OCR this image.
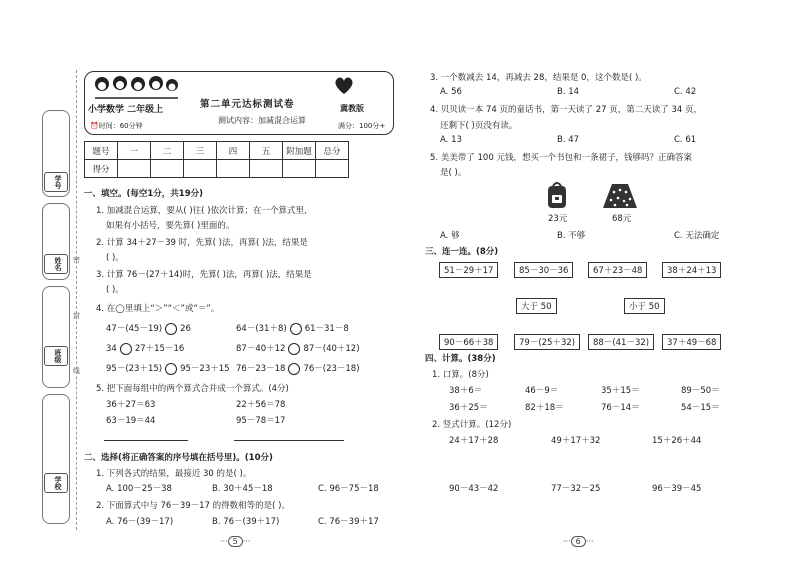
学号
姓名
班级
学校
密
封
线
小学数学 二年级上
⏰时间：60分钟
第二单元达标测试卷
测试内容：加减混合运算
冀教版
满分：100分+
题号	一	二	三	四	五	附加题	总分
得分							
一、填空。(每空1分，共19分)
1. 加减混合运算，要从( )往( )依次计算；在一个算式里，
如果有小括号，要先算( )里面的。
2. 计算 34＋27－39 时，先算( )法，再算( )法，结果是
( )。
3. 计算 76－(27＋14)时，先算( )法，再算( )法，结果是
( )。
4. 在◯里填上“＞”“＜”或“＝”。
47－(45－19) 26	64－(31＋8) 61－31－8
34 27＋15－16	87－40＋12 87－(40＋12)
95－(23＋15) 95－23＋15 76－23－18 76－(23－18)
5. 把下面每组中的两个算式合并成一个算式。(4分)
36＋27＝63	22＋56＝78
63－19＝44	95－78＝17
二、选择(将正确答案的序号填在括号里)。(10分)
1. 下列各式的结果，最接近 30 的是( )。
A. 100－25－38	B. 30＋45－18	C. 96－75－18
2. 下面算式中与 76－39－17 的得数相等的是( )。
A. 76－(39－17)	B. 76－(39＋17)	C. 76－39＋17
··· 5 ···
3. 一个数减去 14，再减去 28，结果是 0，这个数是( )。
A. 56	B. 14	C. 42
4. 贝贝读一本 74 页的童话书，第一天读了 27 页，第二天读了 34 页，
还剩下( )页没有读。
A. 13	B. 47	C. 61
5. 美美带了 100 元钱，想买一个书包和一条裙子，钱够吗？正确答案
是( )。
23元	68元
A. 够	B. 不够	C. 无法确定
三、连一连。(8分)
51－29＋17	85－30－36	67＋23－48	38＋24＋13
大于 50	小于 50
90－66＋38	79－(25＋32)	88－(41－32)	37＋49－68
四、计算。(38分)
1. 口算。(8分)
38＋6＝	46－9＝	35＋15＝	89－50＝
36＋25＝	82＋18＝	76－14＝	54－15＝
2. 竖式计算。(12分)
24＋17＋28	49＋17＋32	15＋26＋44
90－43－42	77－32－25	96－39－45
··· 6 ···
